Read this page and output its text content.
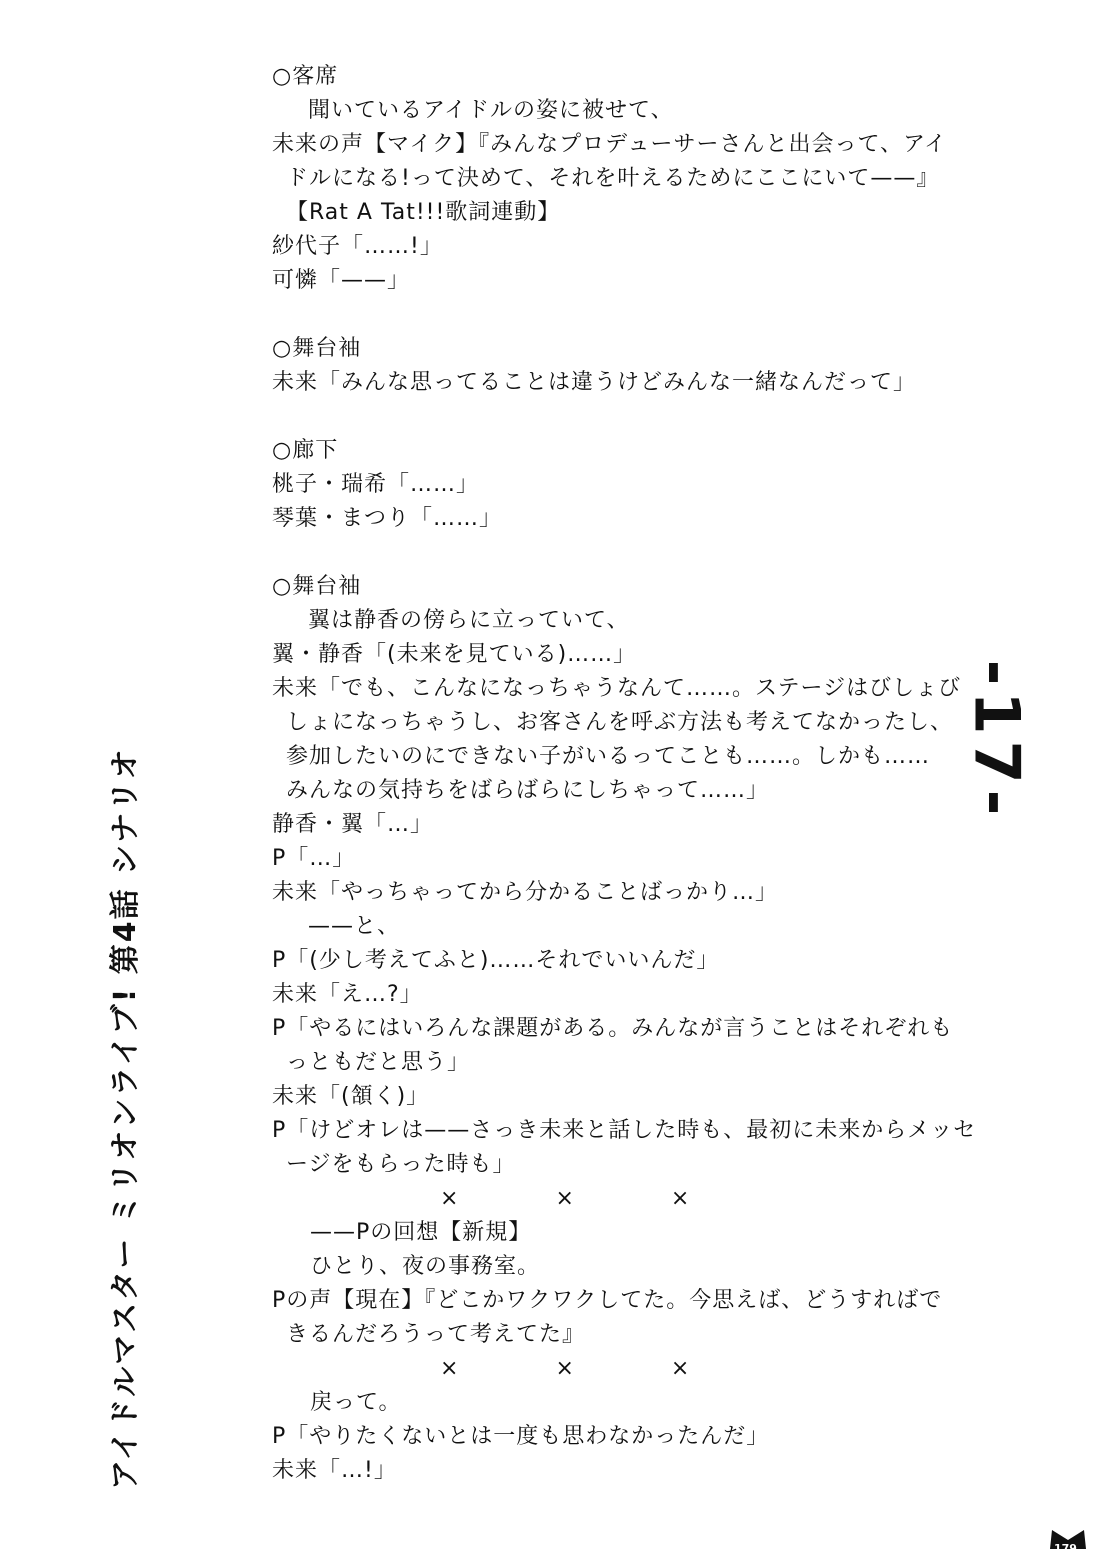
アイドルマスター ミリオンライブ! 第4話 シナリオ
○客席
聞いているアイドルの姿に被せて、
未来の声【マイク】『みんなプロデューサーさんと出会って、アイ
ドルになる!って決めて、それを叶えるためにここにいて——』
【Rat A Tat!!!歌詞連動】
紗代子「……!」
可憐「——」
○舞台袖
未来「みんな思ってることは違うけどみんな一緒なんだって」
○廊下
桃子・瑞希「……」
琴葉・まつり「……」
○舞台袖
翼は静香の傍らに立っていて、
翼・静香「(未来を見ている)……」
未来「でも、こんなになっちゃうなんて……。ステージはびしょび
しょになっちゃうし、お客さんを呼ぶ方法も考えてなかったし、
参加したいのにできない子がいるってことも……。しかも……
みんなの気持ちをばらばらにしちゃって……」
静香・翼「…」
P「…」
未来「やっちゃってから分かることばっかり…」
——と、
P「(少し考えてふと)……それでいいんだ」
未来「え…?」
P「やるにはいろんな課題がある。みんなが言うことはそれぞれも
っともだと思う」
未来「(頷く)」
P「けどオレは——さっき未来と話した時も、最初に未来からメッセ
ージをもらった時も」
×	×	×
——Pの回想【新規】
ひとり、夜の事務室。
Pの声【現在】『どこかワクワクしてた。今思えば、どうすればで
きるんだろうって考えてた』
×	×	×
戻って。
P「やりたくないとは一度も思わなかったんだ」
未来「…!」
-17-
179
